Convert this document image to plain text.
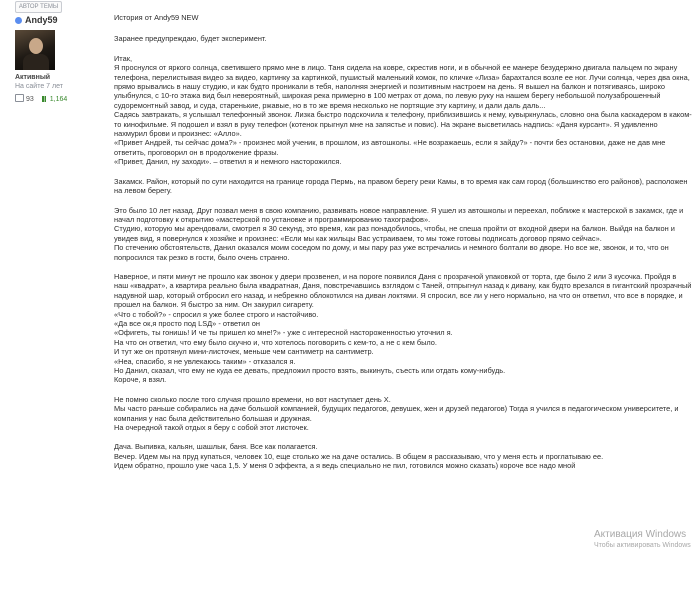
АВТОР ТЕМЫ
Andy59
Активный
На сайте 7 лет
93 1,164

История от Andy59 NEW

Заранее предупреждаю, будет эксперимент.

Итак,
Я проснулся от яркого солнца, светившего прямо мне в лицо. Таня сидела на ковре, скрестив ноги, и в обычной ее манере безудержно двигала пальцем по экрану телефона, перелистывая видео за видео, картинку за картинкой, пушистый маленький комок, по кличке «Лиза» барахтался возле ее ног. Лучи солнца, через два окна, прямо врывались в нашу студию, и как будто проникали в тебя, наполняя энергией и позитивным настроем на день. Я вышел на балкон и потягиваясь, широко улыбнулся, с 10-го этажа вид был невероятный, широкая река примерно в 100 метрах от дома, по левую руку на нашем берегу небольшой полузаброшенный судоремонтный завод, и суда, старенькие, ржавые, но в то же время несколько не портящие эту картину, и дали даль даль...
Садясь завтракать, я услышал телефонный звонок. Лизка быстро подскочила к телефону, приблизившись к нему, кувыркнулась, словно она была каскадером в каком-то кинофильме. Я подошел и взял в руку телефон (котенок прыгнул мне на запястье и повис). На экране высветилась надпись: «Даня курсант». Я удивленно нахмурил брови и произнес: «Алло».
«Привет Андрей, ты сейчас дома?» - произнес мой ученик, в прошлом, из автошколы. «Не возражаешь, если я зайду?» - почти без остановки, даже не дав мне ответить, проговорил он в продолжение фразы.
«Привет, Данил, ну заходи». – ответил я и немного насторожился.

Закамск. Район, который по сути находится на границе города Пермь, на правом берегу реки Камы, в то время как сам город (большинство его районов), расположен на левом берегу.

Это было 10 лет назад. Друг позвал меня в свою компанию, развивать новое направление. Я ушел из автошколы и переехал, поближе к мастерской в закамск, где и начал подготовку к открытию «мастерской по установке и программированию тахографов».
Студию, которую мы арендовали, смотрел я 30 секунд, это время, как раз понадобилось, чтобы, не спеша пройти от входной двери на балкон. Выйдя на балкон и увидев вид, я повернулся к хозяйке и произнес: «Если мы как жильцы Вас устраиваем, то мы тоже готовы подписать договор прямо сейчас».
По стечению обстоятельств, Данил оказался моим соседом по дому, и мы пару раз уже встречались и немного болтали во дворе. Но все же, звонок, и то, что он попросился так резко в гости, было очень странно.

Наверное, и пяти минут не прошло как звонок у двери прозвенел, и на пороге появился Даня с прозрачной упаковкой от торта, где было 2 или 3 кусочка. Пройдя в наш «квадрат», а квартира реально была квадратная, Даня, повстречавшись взглядом с Таней, отпрыгнул назад к дивану, как будто врезался в гигантский прозрачный надувной шар, который отбросил его назад, и небрежно облокотился на диван локтями. Я спросил, все ли у него нормально, на что он ответил, что все в порядке, и прошел на балкон. Я быстро за ним. Он закурил сигарету.
«Что с тобой?» - спросил я уже более строго и настойчиво.
«Да все ок,я просто под LSД» - ответил он
«Офигеть, ты гонишь! И че ты пришел ко мне!?» - уже с интересной настороженностью уточнил я.
На что он ответил, что ему было скучно и, что хотелось поговорить с кем-то, а не с кем было.
И тут же он протянул мини-листочек, меньше чем сантиметр на сантиметр.
«Нea, спасибо, я не увлекаюсь таким» - отказался я.
Но Данил, сказал, что ему не куда ее девать, предложил просто взять, выкинуть, съесть или отдать кому-нибудь.
Короче, я взял.

Не помню сколько после того случая прошло времени, но вот наступает день Х.
Мы часто раньше собирались на даче большой компанией, будущих педагогов, девушек, жен и друзей педагогов) Тогда я учился в педагогическом университете, и компания у нас была действительно большая и дружная.
На очередной такой отдых я беру с собой этот листочек.

Дача. Выпивка, кальян, шашлык, баня. Все как полагается.
Вечер. Идем мы на пруд купаться, человек 10, еще столько же на даче остались. В общем я рассказываю, что у меня есть и проглатываю ее.
Идем обратно, прошло уже часа 1,5. У меня 0 эффекта, а я ведь специально не пил, готовился можно сказать) короче все надо мной

Активация Windows
Чтобы активировать Windows
